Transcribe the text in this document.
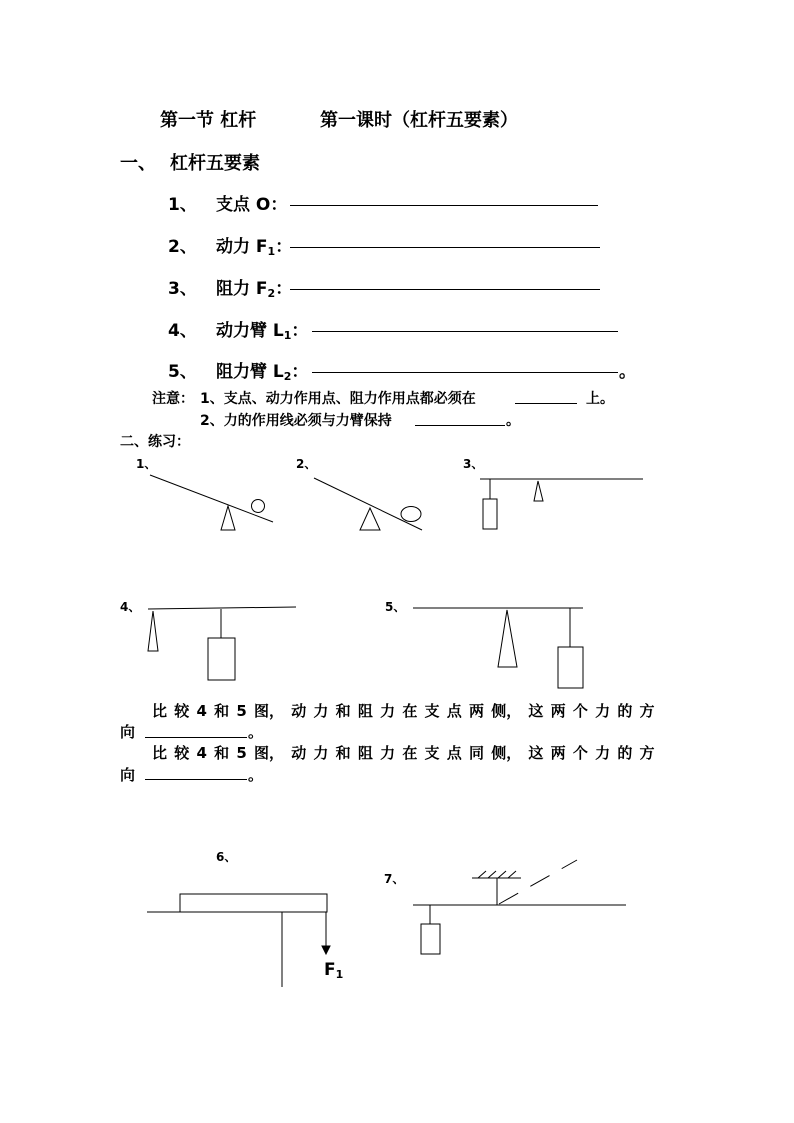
第一节 杠杆	第一课时（杠杆五要素）
一、 杠杆五要素
1、 支点 O：
2、 动力 $F_1$：
3、 阻力 $F_2$：
4、 动力臂 $L_1$：
5、 阻力臂 $L_2$：	。
注意： 1、支点、动力作用点、阻力作用点都必须在	上。
2、力的作用线必须与力臂保持	。
二、练习：
1、	2、	3、
4、	5、
6、
7、
比 较 4 和 5 图， 动 力 和 阻 力 在 支 点 两 侧， 这 两 个 力 的 方
向	。
比 较 4 和 5 图， 动 力 和 阻 力 在 支 点 同 侧， 这 两 个 力 的 方
向	。
$F_1$
